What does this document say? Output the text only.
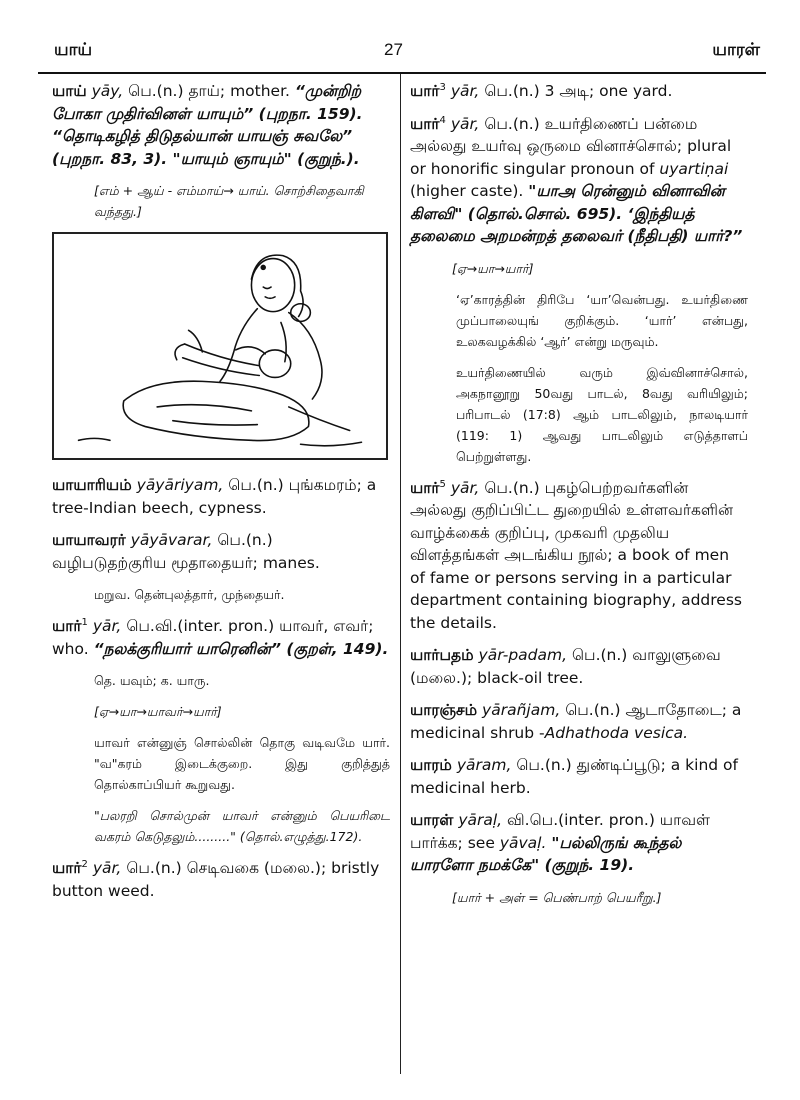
யாய்	27	யாரள்
யாய் yāy, பெ.(n.) தாய்; mother. “முன்றிற் போகா முதிர்வினள் யாயும்” (புறநா. 159). “தொடிகழித் திடுதல்யான் யாயஞ் சுவலே” (புறநா. 83, 3). "யாயும் ஞாயும்" (குறுந்.).
[எம் + ஆய் - எம்மாய்→ யாய். சொற்சிதைவாகி வந்தது.]
யாயாரியம் yāyāriyam, பெ.(n.) புங்கமரம்; a tree-Indian beech, cypness.
யாயாவரர் yāyāvarar, பெ.(n.) வழிபடுதற்குரிய மூதாதையர்; manes.
மறுவ. தென்புலத்தார், முந்தையர்.
யார்$^1$ yār, பெ.வி.(inter. pron.) யாவர், எவர்; who. “நலக்குரியார் யாரெனின்” (குறள், 149).
தெ. யவும்; க. யாரு.
[ஏ→யா→யாவர்→யார்]
யாவர் என்னுஞ் சொல்லின் தொகு வடிவமே யார். "வ"கரம் இடைக்குறை. இது குறித்துத் தொல்காப்பியர் கூறுவது.
"பலரறி சொல்முன் யாவர் என்னும் பெயரிடை வகரம் கெடுதலும்........." (தொல்.எழுத்து.172).
யார்$^2$ yār, பெ.(n.) செடிவகை (மலை.); bristly button weed.
யார்$^3$ yār, பெ.(n.) 3 அடி; one yard.
யார்$^4$ yār, பெ.(n.) உயர்திணைப் பன்மை அல்லது உயர்வு ஒருமை வினாச்சொல்; plural or honorific singular pronoun of uyartiṇai (higher caste). "யாஅ ரென்னும் வினாவின் கிளவி" (தொல்.சொல். 695). ‘இந்தியத் தலைமை அறமன்றத் தலைவர் (நீதிபதி) யார்?”
[ஏ→யா→யார்]
‘ஏ’காரத்தின் திரிபே ‘யா’வென்பது. உயர்திணை முப்பாலையுங் குறிக்கும். ‘யார்’ என்பது, உலகவழக்கில் ‘ஆர்’ என்று மருவும்.
உயர்திணையில் வரும் இவ்வினாச்சொல், அகநானூறு 50வது பாடல், 8வது வரியிலும்; பரிபாடல் (17:8) ஆம் பாடலிலும், நாலடியார் (119: 1) ஆவது பாடலிலும் எடுத்தாளப் பெற்றுள்ளது.
யார்$^5$ yār, பெ.(n.) புகழ்பெற்றவர்களின் அல்லது குறிப்பிட்ட துறையில் உள்ளவர்களின் வாழ்க்கைக் குறிப்பு, முகவரி முதலிய விளத்தங்கள் அடங்கிய நூல்; a book of men of fame or persons serving in a particular department containing biography, address the details.
யார்பதம் yār-padam, பெ.(n.) வாலுளுவை (மலை.); black-oil tree.
யாரஞ்சம் yārañjam, பெ.(n.) ஆடாதோடை; a medicinal shrub -Adhathoda vesica.
யாரம் yāram, பெ.(n.) துண்டிப்பூடு; a kind of medicinal herb.
யாரள் yāraḷ, வி.பெ.(inter. pron.) யாவள் பார்க்க; see yāvaḷ. "பல்லிருங் கூந்தல் யாரளோ நமக்கே" (குறுந். 19).
[யார் + அள் = பெண்பாற் பெயரீறு.]
